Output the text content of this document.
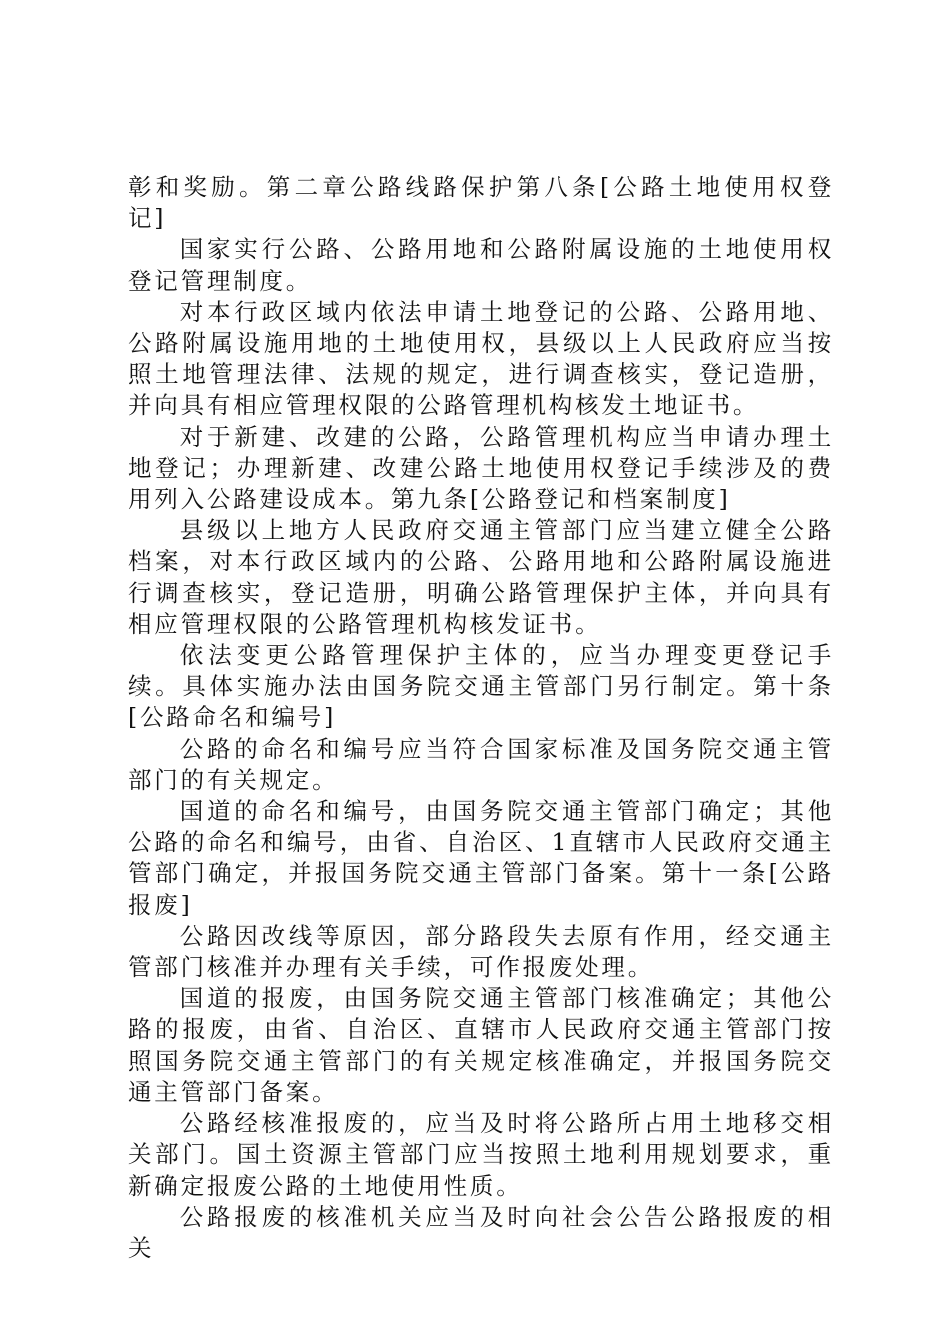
彰和奖励。第二章公路线路保护第八条[公路土地使用权登记]

国家实行公路、公路用地和公路附属设施的土地使用权登记管理制度。

对本行政区域内依法申请土地登记的公路、公路用地、公路附属设施用地的土地使用权，县级以上人民政府应当按照土地管理法律、法规的规定，进行调查核实，登记造册，并向具有相应管理权限的公路管理机构核发土地证书。

对于新建、改建的公路，公路管理机构应当申请办理土地登记；办理新建、改建公路土地使用权登记手续涉及的费用列入公路建设成本。第九条[公路登记和档案制度]

县级以上地方人民政府交通主管部门应当建立健全公路档案，对本行政区域内的公路、公路用地和公路附属设施进行调查核实，登记造册，明确公路管理保护主体，并向具有相应管理权限的公路管理机构核发证书。

依法变更公路管理保护主体的，应当办理变更登记手续。具体实施办法由国务院交通主管部门另行制定。第十条[公路命名和编号]

公路的命名和编号应当符合国家标准及国务院交通主管部门的有关规定。

国道的命名和编号，由国务院交通主管部门确定；其他公路的命名和编号，由省、自治区、1直辖市人民政府交通主管部门确定，并报国务院交通主管部门备案。第十一条[公路报废]

公路因改线等原因，部分路段失去原有作用，经交通主管部门核准并办理有关手续，可作报废处理。

国道的报废，由国务院交通主管部门核准确定；其他公路的报废，由省、自治区、直辖市人民政府交通主管部门按照国务院交通主管部门的有关规定核准确定，并报国务院交通主管部门备案。

公路经核准报废的，应当及时将公路所占用土地移交相关部门。国土资源主管部门应当按照土地利用规划要求，重新确定报废公路的土地使用性质。

公路报废的核准机关应当及时向社会公告公路报废的相关
